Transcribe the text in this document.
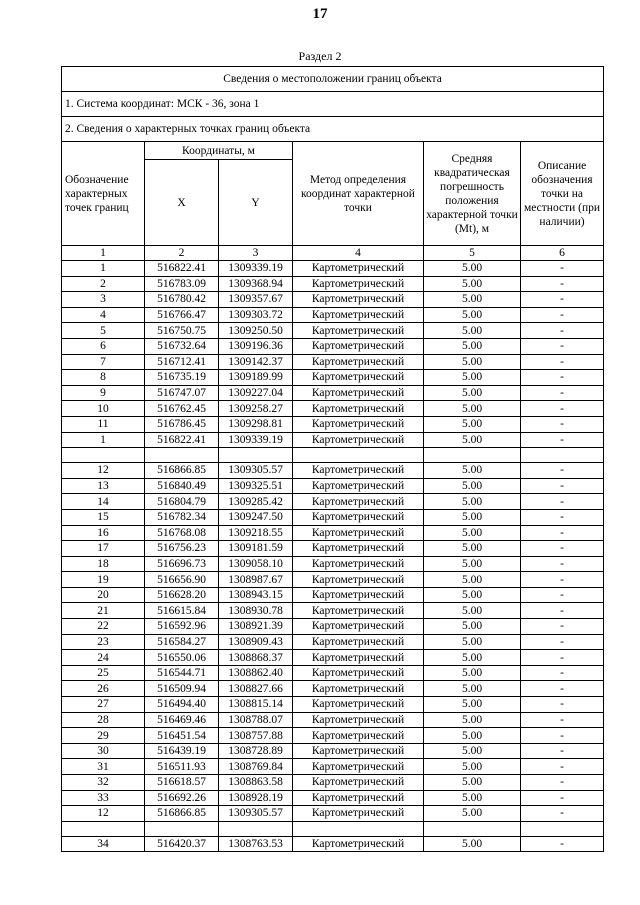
17
Раздел 2
Сведения о местоположении границ объекта					
1. Система координат: МСК - 36, зона 1					
2. Сведения о характерных точках границ объекта					
Обозначение характерных точек границ	Координаты, м		Метод определения координат характерной точки	Средняя квадратическая погрешность положения характерной точки (Mt), м	Описание обозначения точки на местности (при наличии)
	X	Y			
1	2	3	4	5	6
1	516822.41	1309339.19	Картометрический	5.00	-
2	516783.09	1309368.94	Картометрический	5.00	-
3	516780.42	1309357.67	Картометрический	5.00	-
4	516766.47	1309303.72	Картометрический	5.00	-
5	516750.75	1309250.50	Картометрический	5.00	-
6	516732.64	1309196.36	Картометрический	5.00	-
7	516712.41	1309142.37	Картометрический	5.00	-
8	516735.19	1309189.99	Картометрический	5.00	-
9	516747.07	1309227.04	Картометрический	5.00	-
10	516762.45	1309258.27	Картометрический	5.00	-
11	516786.45	1309298.81	Картометрический	5.00	-
1	516822.41	1309339.19	Картометрический	5.00	-

12	516866.85	1309305.57	Картометрический	5.00	-
13	516840.49	1309325.51	Картометрический	5.00	-
14	516804.79	1309285.42	Картометрический	5.00	-
15	516782.34	1309247.50	Картометрический	5.00	-
16	516768.08	1309218.55	Картометрический	5.00	-
17	516756.23	1309181.59	Картометрический	5.00	-
18	516696.73	1309058.10	Картометрический	5.00	-
19	516656.90	1308987.67	Картометрический	5.00	-
20	516628.20	1308943.15	Картометрический	5.00	-
21	516615.84	1308930.78	Картометрический	5.00	-
22	516592.96	1308921.39	Картометрический	5.00	-
23	516584.27	1308909.43	Картометрический	5.00	-
24	516550.06	1308868.37	Картометрический	5.00	-
25	516544.71	1308862.40	Картометрический	5.00	-
26	516509.94	1308827.66	Картометрический	5.00	-
27	516494.40	1308815.14	Картометрический	5.00	-
28	516469.46	1308788.07	Картометрический	5.00	-
29	516451.54	1308757.88	Картометрический	5.00	-
30	516439.19	1308728.89	Картометрический	5.00	-
31	516511.93	1308769.84	Картометрический	5.00	-
32	516618.57	1308863.58	Картометрический	5.00	-
33	516692.26	1308928.19	Картометрический	5.00	-
12	516866.85	1309305.57	Картометрический	5.00	-

34	516420.37	1308763.53	Картометрический	5.00	-
